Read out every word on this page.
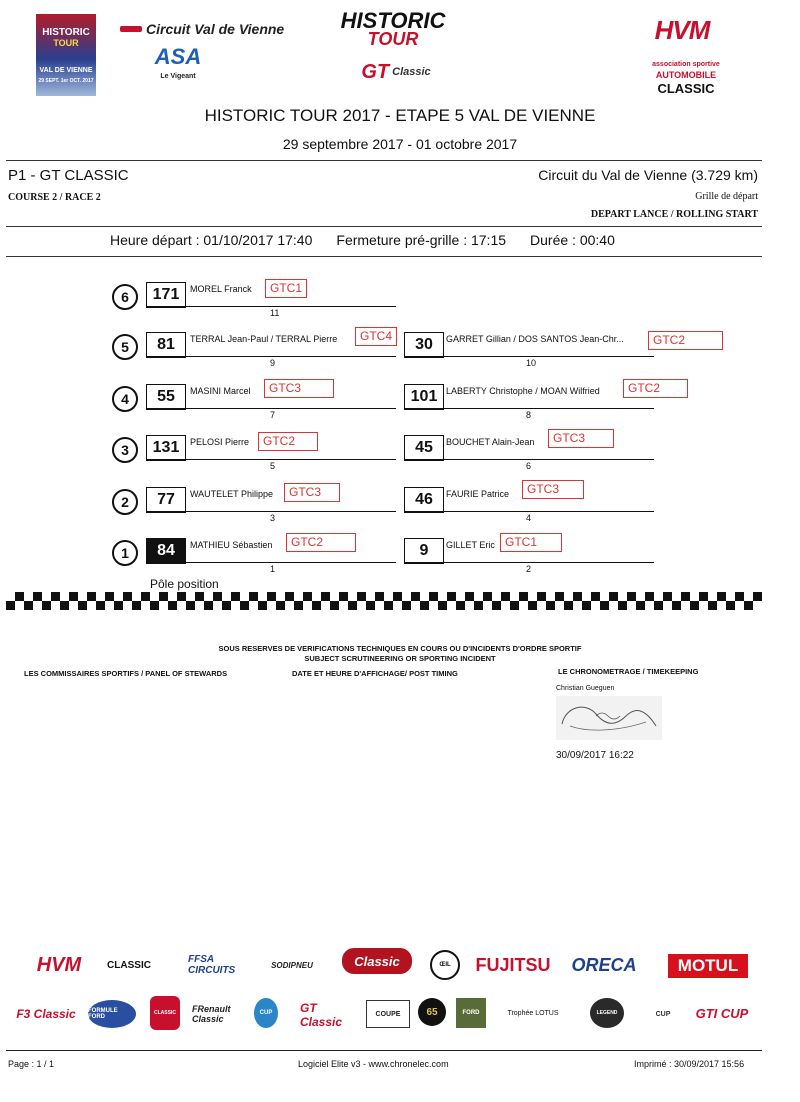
HISTORIC
TOUR
VAL DE VIENNE
29 SEPT. 1er OCT. 2017
Circuit Val de Vienne
ASA
Le Vigeant
HISTORIC
TOUR
GT Classic
HVM
association sportive
AUTOMOBILE
CLASSIC
HISTORIC TOUR 2017 - ETAPE 5 VAL DE VIENNE
29 septembre 2017 - 01 octobre 2017
P1 - GT CLASSIC
COURSE 2 / RACE 2
Circuit du Val de Vienne (3.729 km)
Grille de départ
DEPART LANCE / ROLLING START
Heure départ : 01/10/2017 17:40 Fermeture pré-grille : 17:15 Durée : 00:40
6	171	MOREL Franck	GTC1
11
5	81	TERRAL Jean-Paul / TERRAL Pierre	GTC4
9
30	GARRET Gillian / DOS SANTOS Jean-Chr...	GTC2
10
4	55	MASINI Marcel	GTC3
7
101 LABERTY Christophe / MOAN Wilfried	GTC2
8
3	131	PELOSI Pierre	GTC2
5
45	BOUCHET Alain-Jean	GTC3
6
2	77	WAUTELET Philippe	GTC3
3
46	FAURIE Patrice	GTC3
4
1	84	MATHIEU Sébastien	GTC2
1
9	GILLET Eric GTC1
2
Pôle position
SOUS RESERVES DE VERIFICATIONS TECHNIQUES EN COURS OU D'INCIDENTS D'ORDRE SPORTIF
SUBJECT SCRUTINEERING OR SPORTING INCIDENT
LES COMMISSAIRES SPORTIFS / PANEL OF STEWARDS	DATE ET HEURE D'AFFICHAGE/ POST TIMING	LE CHRONOMETRAGE / TIMEKEEPING
Christian Gueguen
30/09/2017 16:22
HVM	CLASSIC	FFSA CIRCUITS	SODIPNEU	Classic	ŒIL	FUJITSU	ORECA	MOTUL
F3 Classic	FORMULE FORD
CLASSIC	FRenault Classic
CUP	GT Classic
COUPE	65	FORD	Trophée LOTUS	LEGEND	CUP	GTI CUP
Page : 1 / 1	Logiciel Elite v3 - www.chronelec.com	Imprimé : 30/09/2017 15:56
